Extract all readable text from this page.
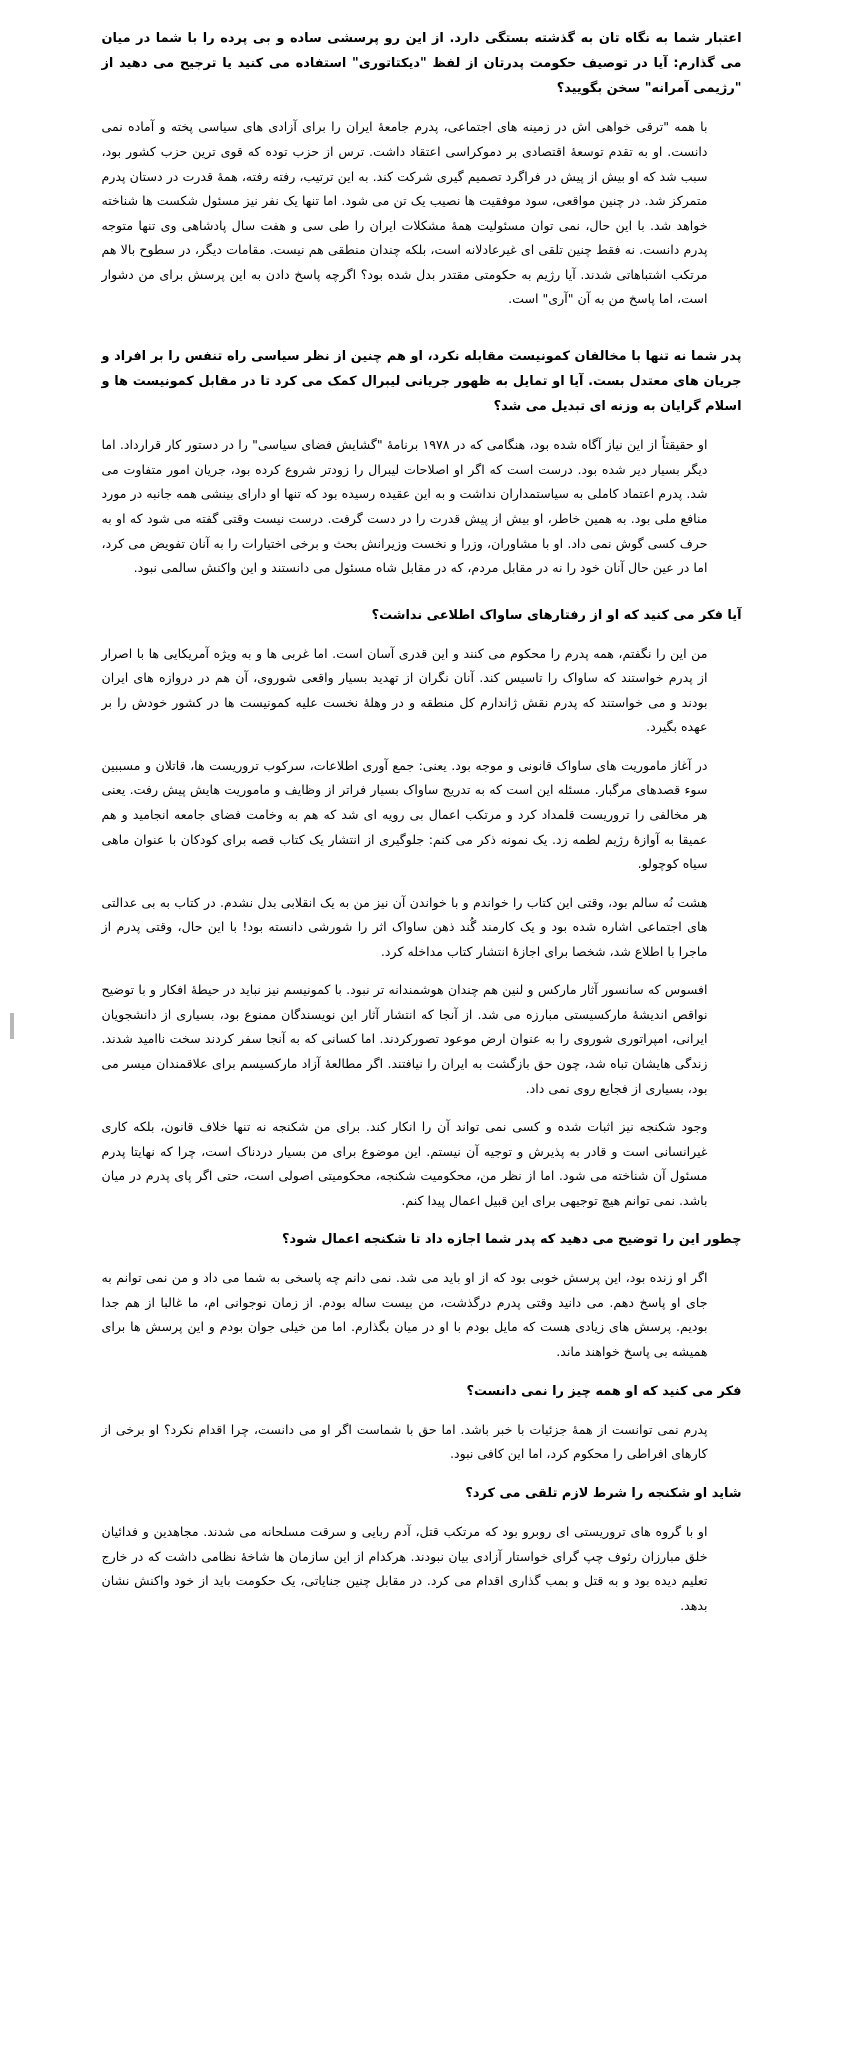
اعتبار شما به نگاه تان به گذشته بستگی دارد. از این رو پرسشی ساده و بی پرده را با شما در میان می گذارم: آیا در توصیف حکومت پدرتان از لفظ "دیکتاتوری" استفاده می کنید یا ترجیح می دهید از "رژیمی آمرانه" سخن بگویید؟

با همه "ترقی خواهی اش در زمینه های اجتماعی، پدرم جامعهٔ ایران را برای آزادی های سیاسی پخته و آماده نمی دانست. او به تقدم توسعهٔ اقتصادی بر دموکراسی اعتقاد داشت. ترس از حزب توده که قوی ترین حزب کشور بود، سبب شد که او بیش از پیش در فراگرد تصمیم گیری شرکت کند. به این ترتیب، رفته رفته، همهٔ قدرت در دستان پدرم متمرکز شد. در چنین مواقعی، سود موفقیت ها نصیب یک تن می شود. اما تنها یک نفر نیز مسئول شکست ها شناخته خواهد شد. با این حال، نمی توان مسئولیت همهٔ مشکلات ایران را طی سی و هفت سال پادشاهی وی تنها متوجه پدرم دانست. نه فقط چنین تلقی ای غیرعادلانه است، بلکه چندان منطقی هم نیست. مقامات دیگر، در سطوح بالا هم مرتکب اشتباهاتی شدند. آیا رژیم به حکومتی مقتدر بدل شده بود؟ اگرچه پاسخ دادن به این پرسش برای من دشوار است، اما پاسخ من به آن "آری" است.

پدر شما نه تنها با مخالفان کمونیست مقابله نکرد، او هم چنین از نظر سیاسی راه تنفس را بر افراد و جریان های معتدل بست. آیا او تمایل به ظهور جریانی لیبرال کمک می کرد تا در مقابل کمونیست ها و اسلام گرایان به وزنه ای تبدیل می شد؟

او حقیقتاً از این نیاز آگاه شده بود، هنگامی که در ۱۹۷۸ برنامهٔ "گشایش فضای سیاسی" را در دستور کار قرارداد. اما دیگر بسیار دیر شده بود. درست است که اگر او اصلاحات لیبرال را زودتر شروع کرده بود، جریان امور متفاوت می شد. پدرم اعتماد کاملی به سیاستمداران نداشت و به این عقیده رسیده بود که تنها او دارای بینشی همه جانبه در مورد منافع ملی بود. به همین خاطر، او بیش از پیش قدرت را در دست گرفت. درست نیست وقتی گفته می شود که او به حرف کسی گوش نمی داد. او با مشاوران، وزرا و نخست وزیرانش بحث و برخی اختیارات را به آنان تفویض می کرد، اما در عین حال آنان خود را نه در مقابل مردم، که در مقابل شاه مسئول می دانستند و این واکنش سالمی نبود.

آیا فکر می کنید که او از رفتارهای ساواک اطلاعی نداشت؟

من این را نگفتم، همه پدرم را محکوم می کنند و این قدری آسان است. اما غربی ها و به ویژه آمریکایی ها با اصرار از پدرم خواستند که ساواک را تاسیس کند. آنان نگران از تهدید بسیار واقعی شوروی، آن هم در دروازه های ایران بودند و می خواستند که پدرم نقش ژاندارم کل منطقه و در وهلهٔ نخست علیه کمونیست ها در کشور خودش را بر عهده بگیرد.

در آغاز ماموریت های ساواک قانونی و موجه بود. یعنی: جمع آوری اطلاعات، سرکوب تروریست ها، قاتلان و مسببین سوء قصدهای مرگبار. مسئله این است که به تدریج ساواک بسیار فراتر از وظایف و ماموریت هایش پیش رفت. یعنی هر مخالفی را تروریست قلمداد کرد و مرتکب اعمال بی رویه ای شد که هم به وخامت فضای جامعه انجامید و هم عمیقا به آوازهٔ رژیم لطمه زد. یک نمونه ذکر می کنم: جلوگیری از انتشار یک کتاب قصه برای کودکان با عنوان ماهی سیاه کوچولو.

هشت نُه سالم بود، وقتی این کتاب را خواندم و با خواندن آن نیز من به یک انقلابی بدل نشدم. در کتاب به بی عدالتی های اجتماعی اشاره شده بود و یک کارمند گُند ذهن ساواک اثر را شورشی دانسته بود! با این حال، وقتی پدرم از ماجرا با اطلاع شد، شخصا برای اجازهٔ انتشار کتاب مداخله کرد.

افسوس که سانسور آثار مارکس و لنین هم چندان هوشمندانه تر نبود. با کمونیسم نیز نباید در حیطهٔ افکار و با توضیح نواقص اندیشهٔ مارکسیستی مبارزه می شد. از آنجا که انتشار آثار این نویسندگان ممنوع بود، بسیاری از دانشجویان ایرانی، امپراتوری شوروی را به عنوان ارض موعود تصورکردند. اما کسانی که به آنجا سفر کردند سخت ناامید شدند. زندگی هایشان تباه شد، چون حق بازگشت به ایران را نیافتند. اگر مطالعهٔ آزاد مارکسیسم برای علاقمندان میسر می بود، بسیاری از فجایع روی نمی داد.

وجود شکنجه نیز اثبات شده و کسی نمی تواند آن را انکار کند. برای من شکنجه نه تنها خلاف قانون، بلکه کاری غیرانسانی است و قادر به پذیرش و توجیه آن نیستم. این موضوع برای من بسیار دردناک است، چرا که نهایتا پدرم مسئول آن شناخته می شود. اما از نظر من، محکومیت شکنجه، محکومیتی اصولی است، حتی اگر پای پدرم در میان باشد. نمی توانم هیچ توجیهی برای این قبیل اعمال پیدا کنم.

چطور این را توضیح می دهید که پدر شما اجازه داد تا شکنجه اعمال شود؟

اگر او زنده بود، این پرسش خوبی بود که از او باید می شد. نمی دانم چه پاسخی به شما می داد و من نمی توانم به جای او پاسخ دهم. می دانید وقتی پدرم درگذشت، من بیست ساله بودم. از زمان نوجوانی ام، ما غالبا از هم جدا بودیم. پرسش های زیادی هست که مایل بودم با او در میان بگذارم. اما من خیلی جوان بودم و این پرسش ها برای همیشه بی پاسخ خواهند ماند.

فکر می کنید که او همه چیز را نمی دانست؟

پدرم نمی توانست از همهٔ جزئیات با خبر باشد. اما حق با شماست اگر او می دانست، چرا اقدام نکرد؟ او برخی از کارهای افراطی را محکوم کرد، اما این کافی نبود.

شاید او شکنجه را شرط لازم تلقی می کرد؟

او با گروه های تروریستی ای روبرو بود که مرتکب قتل، آدم ربایی و سرقت مسلحانه می شدند. مجاهدین و فدائیان خلق مبارزان رئوف چپ گرای خواستار آزادی بیان نبودند. هرکدام از این سازمان ها شاخهٔ نظامی داشت که در خارج تعلیم دیده بود و به قتل و بمب گذاری اقدام می کرد. در مقابل چنین جنایاتی، یک حکومت باید از خود واکنش نشان بدهد.
